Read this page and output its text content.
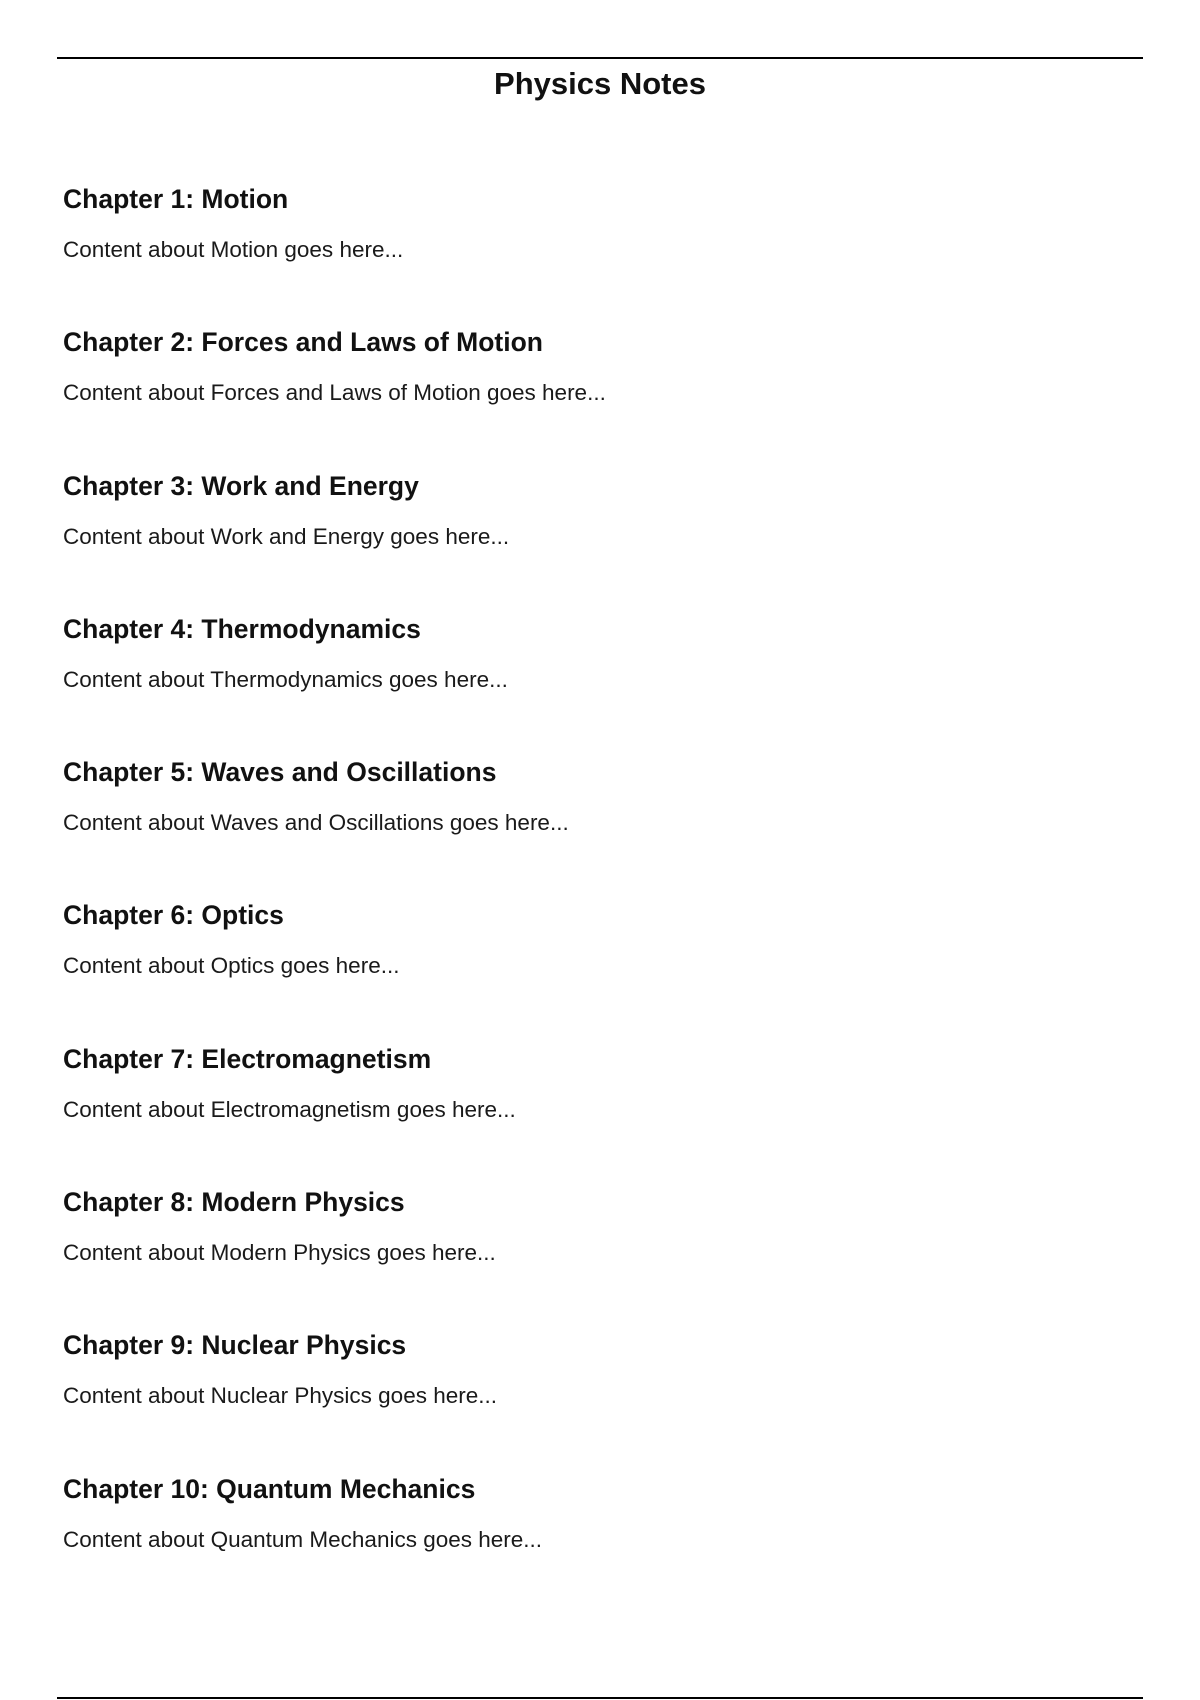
Physics Notes
Chapter 1: Motion

Content about Motion goes here...

Chapter 2: Forces and Laws of Motion

Content about Forces and Laws of Motion goes here...

Chapter 3: Work and Energy

Content about Work and Energy goes here...

Chapter 4: Thermodynamics

Content about Thermodynamics goes here...

Chapter 5: Waves and Oscillations

Content about Waves and Oscillations goes here...

Chapter 6: Optics

Content about Optics goes here...

Chapter 7: Electromagnetism

Content about Electromagnetism goes here...

Chapter 8: Modern Physics

Content about Modern Physics goes here...

Chapter 9: Nuclear Physics

Content about Nuclear Physics goes here...

Chapter 10: Quantum Mechanics

Content about Quantum Mechanics goes here...
